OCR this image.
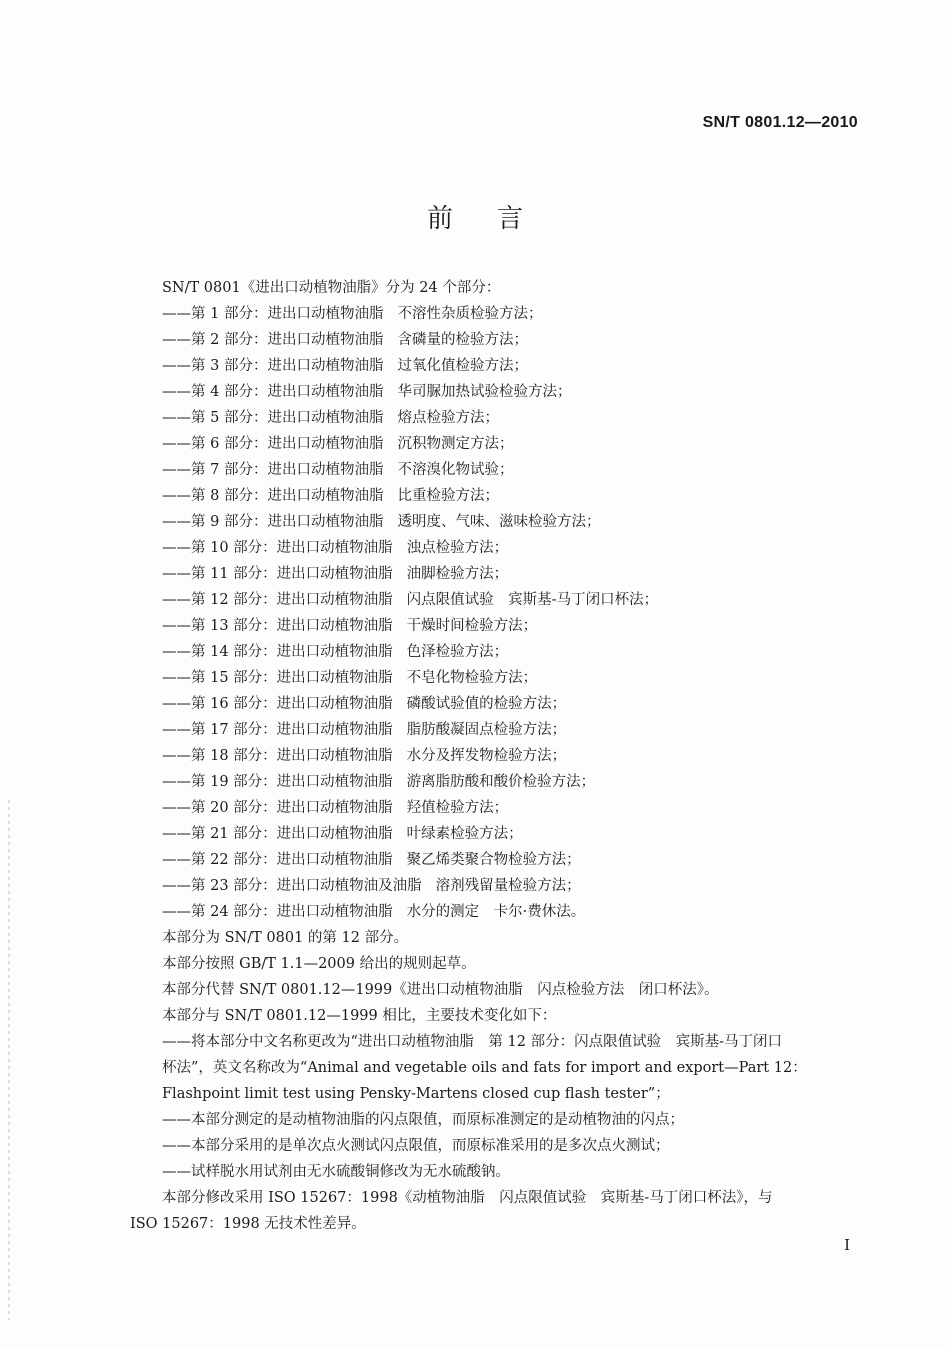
SN/T 0801.12—2010
前言
SN/T 0801《进出口动植物油脂》分为 24 个部分：
——第 1 部分：进出口动植物油脂 不溶性杂质检验方法；
——第 2 部分：进出口动植物油脂 含磷量的检验方法；
——第 3 部分：进出口动植物油脂 过氧化值检验方法；
——第 4 部分：进出口动植物油脂 华司脲加热试验检验方法；
——第 5 部分：进出口动植物油脂 熔点检验方法；
——第 6 部分：进出口动植物油脂 沉积物测定方法；
——第 7 部分：进出口动植物油脂 不溶溴化物试验；
——第 8 部分：进出口动植物油脂 比重检验方法；
——第 9 部分：进出口动植物油脂 透明度、气味、滋味检验方法；
——第 10 部分：进出口动植物油脂 浊点检验方法；
——第 11 部分：进出口动植物油脂 油脚检验方法；
——第 12 部分：进出口动植物油脂 闪点限值试验　宾斯基-马丁闭口杯法；
——第 13 部分：进出口动植物油脂 干燥时间检验方法；
——第 14 部分：进出口动植物油脂 色泽检验方法；
——第 15 部分：进出口动植物油脂 不皂化物检验方法；
——第 16 部分：进出口动植物油脂 磷酸试验值的检验方法；
——第 17 部分：进出口动植物油脂 脂肪酸凝固点检验方法；
——第 18 部分：进出口动植物油脂 水分及挥发物检验方法；
——第 19 部分：进出口动植物油脂 游离脂肪酸和酸价检验方法；
——第 20 部分：进出口动植物油脂 羟值检验方法；
——第 21 部分：进出口动植物油脂 叶绿素检验方法；
——第 22 部分：进出口动植物油脂 聚乙烯类聚合物检验方法；
——第 23 部分：进出口动植物油及油脂 溶剂残留量检验方法；
——第 24 部分：进出口动植物油脂 水分的测定　卡尔·费休法。
本部分为 SN/T 0801 的第 12 部分。
本部分按照 GB/T 1.1—2009 给出的规则起草。
本部分代替 SN/T 0801.12—1999《进出口动植物油脂　闪点检验方法　闭口杯法》。
本部分与 SN/T 0801.12—1999 相比，主要技术变化如下：
——将本部分中文名称更改为“进出口动植物油脂　第 12 部分：闪点限值试验　宾斯基-马丁闭口
杯法”，英文名称改为“Animal and vegetable oils and fats for import and export—Part 12：
Flashpoint limit test using Pensky-Martens closed cup flash tester”；
——本部分测定的是动植物油脂的闪点限值，而原标准测定的是动植物油的闪点；
——本部分采用的是单次点火测试闪点限值，而原标准采用的是多次点火测试；
——试样脱水用试剂由无水硫酸铜修改为无水硫酸钠。
本部分修改采用 ISO 15267：1998《动植物油脂　闪点限值试验　宾斯基-马丁闭口杯法》，与
ISO 15267：1998 无技术性差异。
Ⅰ
